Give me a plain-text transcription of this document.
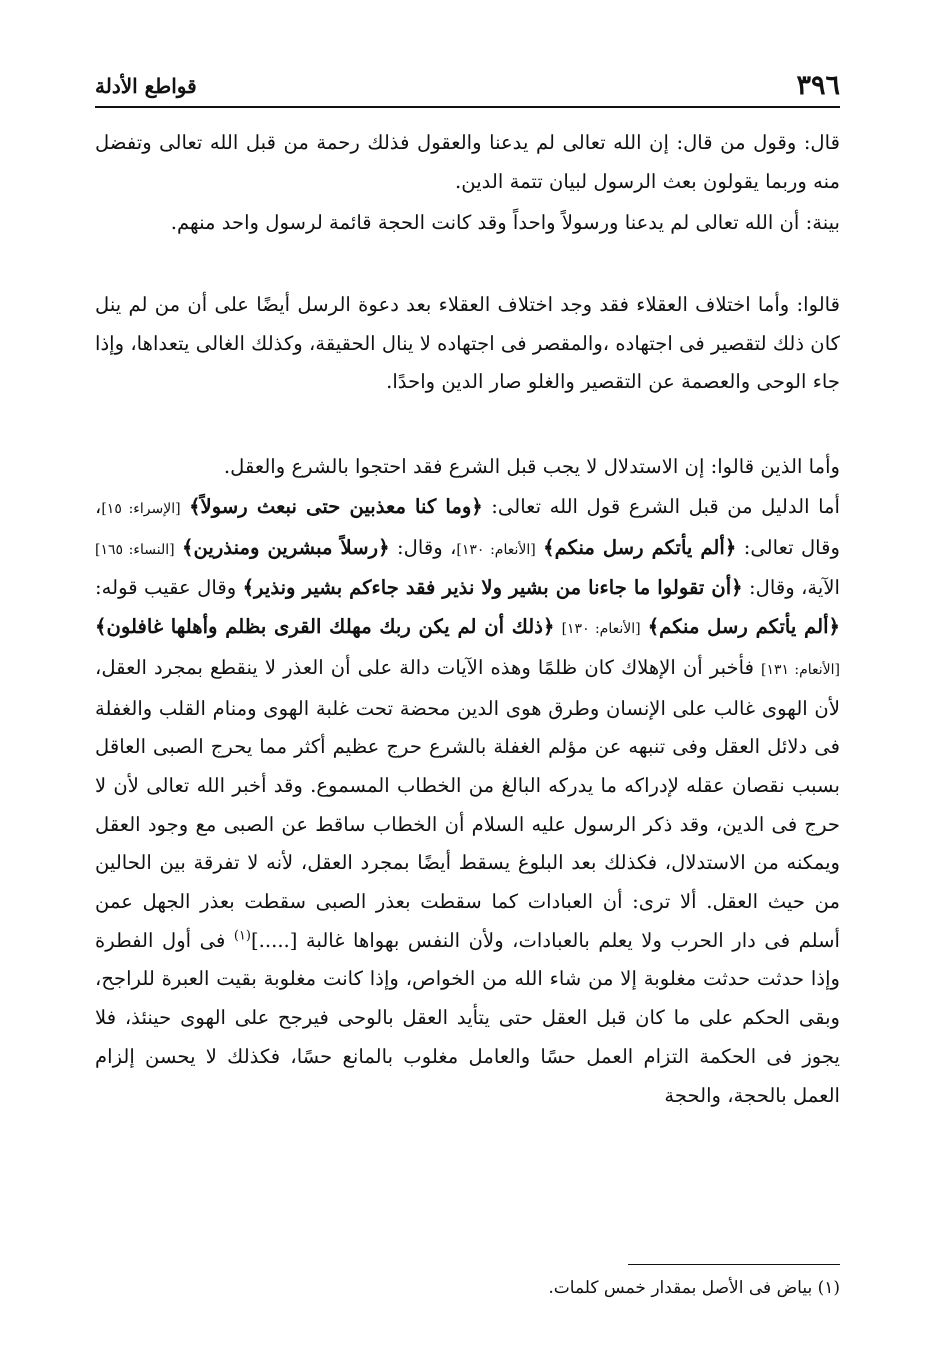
٣٩٦
قواطع الأدلة

قال: وقول من قال: إن الله تعالى لم يدعنا والعقول فذلك رحمة من قبل الله تعالى وتفضل منه وربما يقولون بعث الرسول لبيان تتمة الدين.

بينة: أن الله تعالى لم يدعنا ورسولاً واحداً وقد كانت الحجة قائمة لرسول واحد منهم.

قالوا: وأما اختلاف العقلاء فقد وجد اختلاف العقلاء بعد دعوة الرسل أيضًا على أن من لم ينل كان ذلك لتقصير فى اجتهاده ،والمقصر فى اجتهاده لا ينال الحقيقة، وكذلك الغالى يتعداها، وإذا جاء الوحى والعصمة عن التقصير والغلو صار الدين واحدًا.

وأما الذين قالوا: إن الاستدلال لا يجب قبل الشرع فقد احتجوا بالشرع والعقل.

أما الدليل من قبل الشرع قول الله تعالى: ﴿وما كنا معذبين حتى نبعث رسولاً﴾ [الإسراء: ١٥]، وقال تعالى: ﴿ألم يأتكم رسل منكم﴾ [الأنعام: ١٣٠]، وقال: ﴿رسلاً مبشرين ومنذرين﴾ [النساء: ١٦٥] الآية، وقال: ﴿أن تقولوا ما جاءنا من بشير ولا نذير فقد جاءكم بشير ونذير﴾ وقال عقيب قوله: ﴿ألم يأتكم رسل منكم﴾ [الأنعام: ١٣٠] ﴿ذلك أن لم يكن ربك مهلك القرى بظلم وأهلها غافلون﴾ [الأنعام: ١٣١] فأخبر أن الإهلاك كان ظلمًا وهذه الآيات دالة على أن العذر لا ينقطع بمجرد العقل، لأن الهوى غالب على الإنسان وطرق هوى الدين محضة تحت غلبة الهوى ومنام القلب والغفلة فى دلائل العقل وفى تنبهه عن مؤلم الغفلة بالشرع حرج عظيم أكثر مما يحرج الصبى العاقل بسبب نقصان عقله لإدراكه ما يدركه البالغ من الخطاب المسموع. وقد أخبر الله تعالى لأن لا حرج فى الدين، وقد ذكر الرسول عليه السلام أن الخطاب ساقط عن الصبى مع وجود العقل ويمكنه من الاستدلال، فكذلك بعد البلوغ يسقط أيضًا بمجرد العقل، لأنه لا تفرقة بين الحالين من حيث العقل. ألا ترى: أن العبادات كما سقطت بعذر الصبى سقطت بعذر الجهل عمن أسلم فى دار الحرب ولا يعلم بالعبادات، ولأن النفس بهواها غالبة [.....]$^{(١)}$ فى أول الفطرة وإذا حدثت حدثت مغلوبة إلا من شاء الله من الخواص، وإذا كانت مغلوبة بقيت العبرة للراجح، وبقى الحكم على ما كان قبل العقل حتى يتأيد العقل بالوحى فيرجح على الهوى حينئذ، فلا يجوز فى الحكمة التزام العمل حسًا والعامل مغلوب بالمانع حسًا، فكذلك لا يحسن إلزام العمل بالحجة، والحجة

(١) بياض فى الأصل بمقدار خمس كلمات.
